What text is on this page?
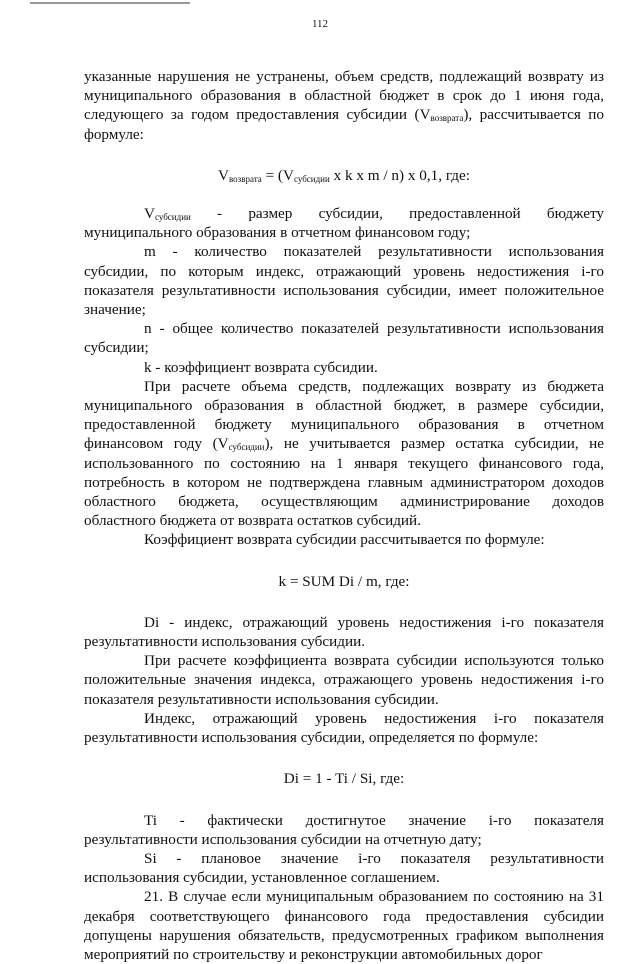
112

указанные нарушения не устранены, объем средств, подлежащий возврату из муниципального образования в областной бюджет в срок до 1 июня года, следующего за годом предоставления субсидии $(V_{возврата})$, рассчитывается по формуле:

$V_{возврата} = (V_{субсидии}$ x k x m / n) x 0,1, где:

$V_{субсидии}$ - размер субсидии, предоставленной бюджету муниципального образования в отчетном финансовом году;

m - количество показателей результативности использования субсидии, по которым индекс, отражающий уровень недостижения i-го показателя результативности использования субсидии, имеет положительное значение;

n - общее количество показателей результативности использования субсидии;

k - коэффициент возврата субсидии.

При расчете объема средств, подлежащих возврату из бюджета муниципального образования в областной бюджет, в размере субсидии, предоставленной бюджету муниципального образования в отчетном финансовом году $(V_{субсидии})$, не учитывается размер остатка субсидии, не использованного по состоянию на 1 января текущего финансового года, потребность в котором не подтверждена главным администратором доходов областного бюджета, осуществляющим администрирование доходов областного бюджета от возврата остатков субсидий.

Коэффициент возврата субсидии рассчитывается по формуле:

k = SUM Di / m, где:

Di - индекс, отражающий уровень недостижения i-го показателя результативности использования субсидии.

При расчете коэффициента возврата субсидии используются только положительные значения индекса, отражающего уровень недостижения i-го показателя результативности использования субсидии.

Индекс, отражающий уровень недостижения i-го показателя результативности использования субсидии, определяется по формуле:

Di = 1 - Ti / Si, где:

Ti - фактически достигнутое значение i-го показателя результативности использования субсидии на отчетную дату;

Si - плановое значение i-го показателя результативности использования субсидии, установленное соглашением.

21. В случае если муниципальным образованием по состоянию на 31 декабря соответствующего финансового года предоставления субсидии допущены нарушения обязательств, предусмотренных графиком выполнения мероприятий по строительству и реконструкции автомобильных дорог
